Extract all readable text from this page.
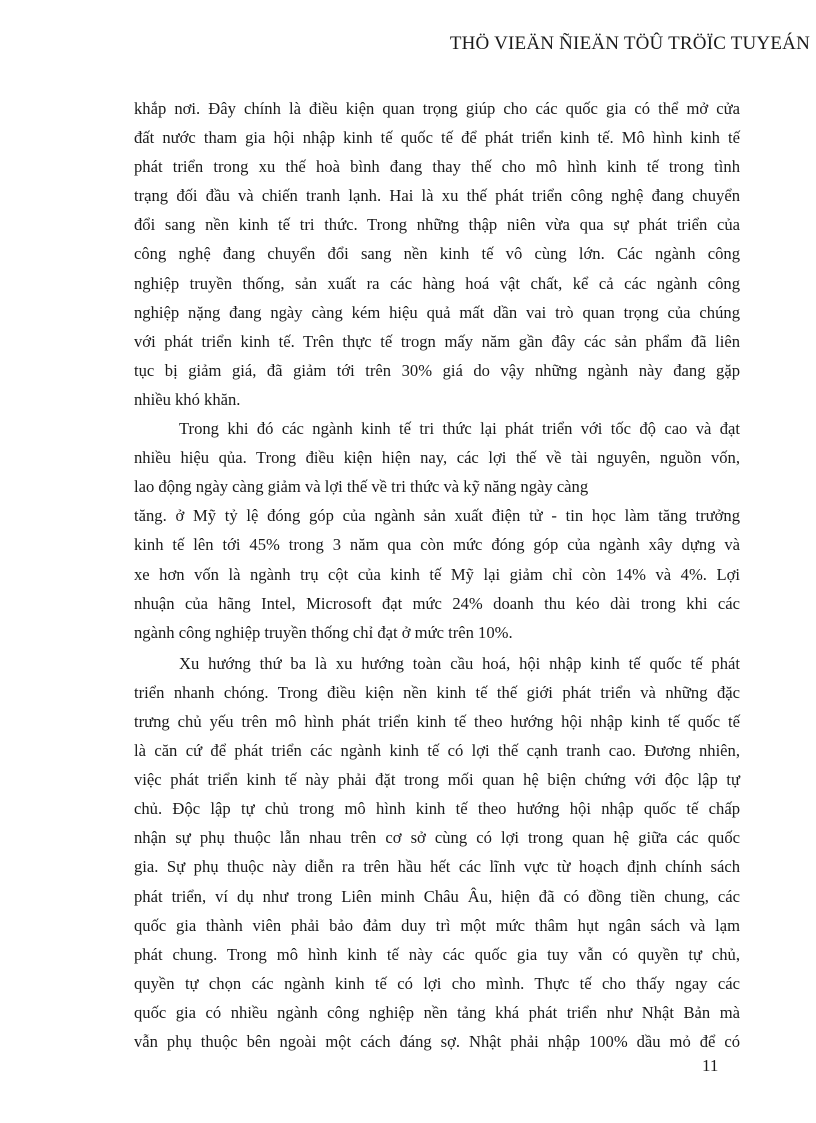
THÖ VIEÄN ÑIEÄN TÖÛ TRÖÏC TUYEÁN
khắp nơi. Đây chính là điều kiện quan trọng giúp cho các quốc gia có thể mở cửa
đất nước tham gia hội nhập kinh tế quốc tế để phát triển kinh tế. Mô hình kinh tế
phát triển trong xu thế hoà bình đang thay thế cho mô hình kinh tế trong tình
trạng đối đầu và chiến tranh lạnh. Hai là xu thế phát triển công nghệ đang chuyển
đổi sang nền kinh tế tri thức. Trong những thập niên vừa qua sự phát triển của
công nghệ đang chuyển đổi sang nền kinh tế vô cùng lớn. Các ngành công
nghiệp truyền thống, sản xuất ra các hàng hoá vật chất, kể cả các ngành công
nghiệp nặng đang ngày càng kém hiệu quả mất dần vai trò quan trọng của chúng
với phát triển kinh tế. Trên thực tế trogn mấy năm gần đây các sản phẩm đã liên
tục bị giảm giá, đã giảm tới trên 30% giá do vậy những ngành này đang gặp
nhiều khó khăn.
Trong khi đó các ngành kinh tế tri thức lại phát triển với tốc độ cao và đạt
nhiều hiệu qủa. Trong điều kiện hiện nay, các lợi thế về tài nguyên, nguồn vốn,
lao động ngày càng giảm và lợi thế về tri thức và kỹ năng ngày càng
tăng. ở Mỹ tỷ lệ đóng góp của ngành sản xuất điện tử - tin học làm tăng trưởng
kinh tế lên tới 45% trong 3 năm qua còn mức đóng góp của ngành xây dựng và
xe hơn vốn là ngành trụ cột của kinh tế Mỹ lại giảm chỉ còn 14% và 4%. Lợi
nhuận của hãng Intel, Microsoft đạt mức 24% doanh thu kéo dài trong khi các
ngành công nghiệp truyền thống chỉ đạt ở mức trên 10%.
Xu hướng thứ ba là xu hướng toàn cầu hoá, hội nhập kinh tế quốc tế phát
triển nhanh chóng. Trong điều kiện nền kinh tế thế giới phát triển và những đặc
trưng chủ yếu trên mô hình phát triển kinh tế theo hướng hội nhập kinh tế quốc tế
là căn cứ để phát triển các ngành kinh tế có lợi thế cạnh tranh cao. Đương nhiên,
việc phát triển kinh tế này phải đặt trong mối quan hệ biện chứng với độc lập tự
chủ. Độc lập tự chủ trong mô hình kinh tế theo hướng hội nhập quốc tế chấp
nhận sự phụ thuộc lẫn nhau trên cơ sở cùng có lợi trong quan hệ giữa các quốc
gia. Sự phụ thuộc này diễn ra trên hầu hết các lĩnh vực từ hoạch định chính sách
phát triển, ví dụ như trong Liên minh Châu Âu, hiện đã có đồng tiền chung, các
quốc gia thành viên phải bảo đảm duy trì một mức thâm hụt ngân sách và lạm
phát chung. Trong mô hình kinh tế này các quốc gia tuy vẫn có quyền tự chủ,
quyền tự chọn các ngành kinh tế có lợi cho mình. Thực tế cho thấy ngay các
quốc gia có nhiều ngành công nghiệp nền tảng khá phát triển như Nhật Bản mà
vẫn phụ thuộc bên ngoài một cách đáng sợ. Nhật phải nhập 100% dầu mỏ để có
11
